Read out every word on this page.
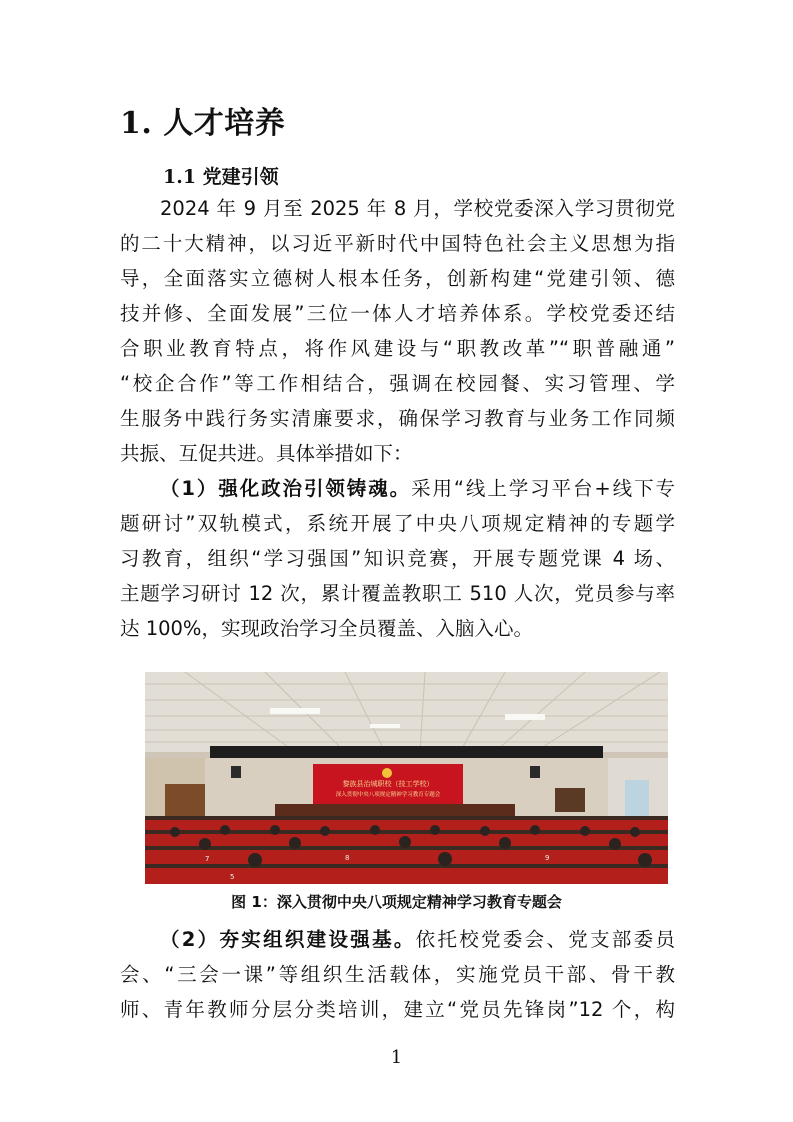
1. 人才培养
1.1 党建引领
2024 年 9 月至 2025 年 8 月，学校党委深入学习贯彻党
的二十大精神，以习近平新时代中国特色社会主义思想为指
导，全面落实立德树人根本任务，创新构建“党建引领、德
技并修、全面发展”三位一体人才培养体系。学校党委还结
合职业教育特点，将作风建设与“职教改革”“职普融通”
“校企合作”等工作相结合，强调在校园餐、实习管理、学
生服务中践行务实清廉要求，确保学习教育与业务工作同频
共振、互促共进。具体举措如下：
（1）强化政治引领铸魂。采用“线上学习平台+线下专
题研讨”双轨模式，系统开展了中央八项规定精神的专题学
习教育，组织“学习强国”知识竞赛，开展专题党课 4 场、
主题学习研讨 12 次，累计覆盖教职工 510 人次，党员参与率
达 100%，实现政治学习全员覆盖、入脑入心。
黎族县治城职校（技工学校）
深入贯彻中央八项规定精神学习教育专题会
7
5
8	9
图 1：深入贯彻中央八项规定精神学习教育专题会
（2）夯实组织建设强基。依托校党委会、党支部委员
会、“三会一课”等组织生活载体，实施党员干部、骨干教
师、青年教师分层分类培训，建立“党员先锋岗”12 个，构
1
